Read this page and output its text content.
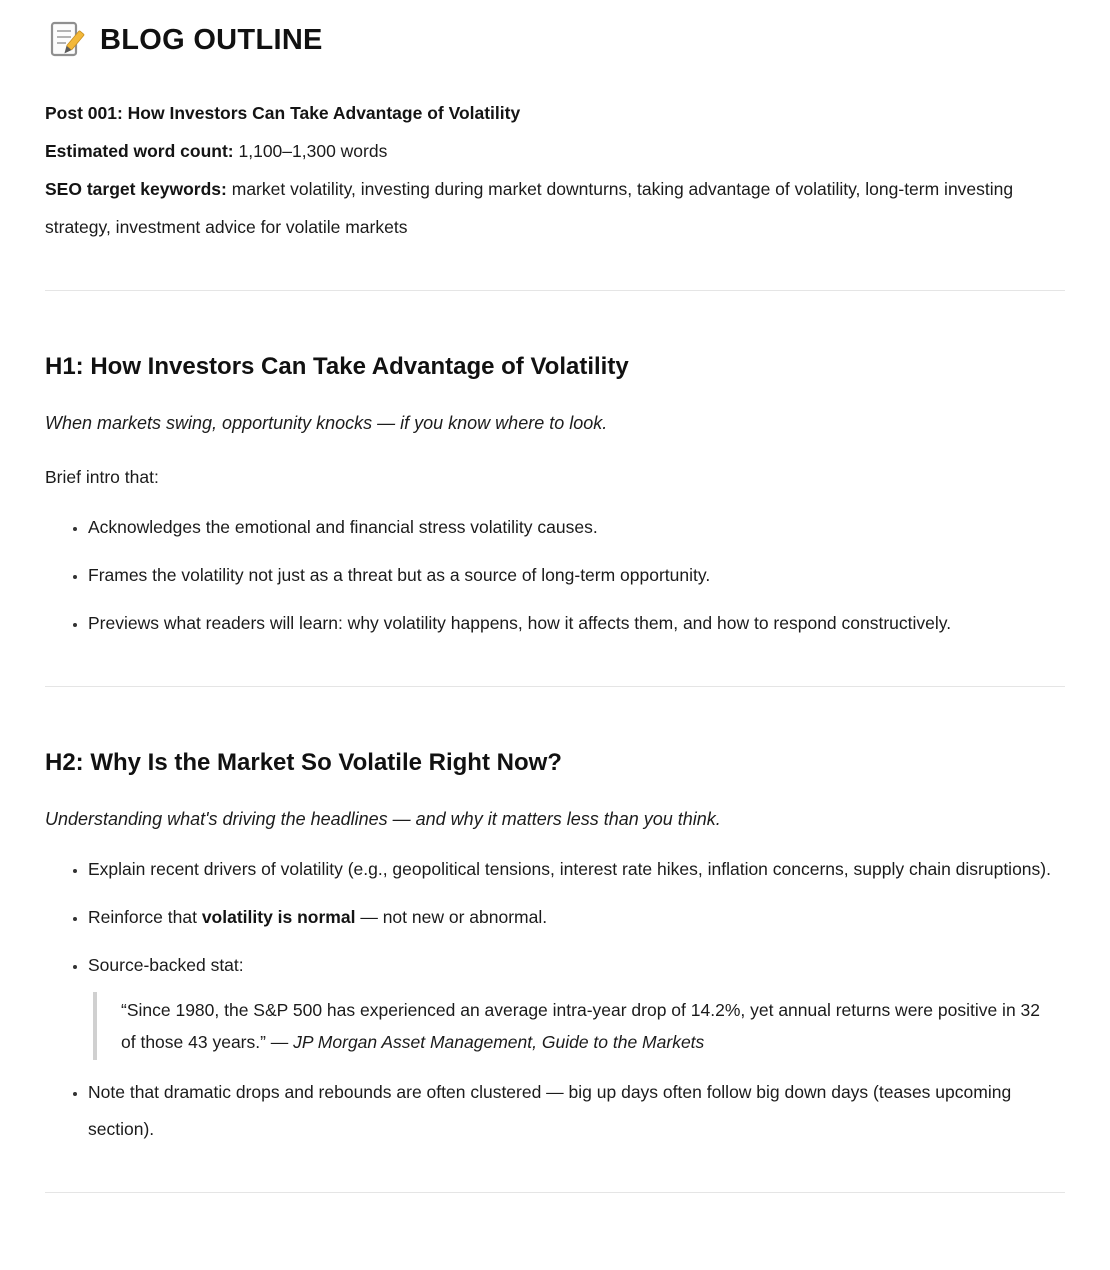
BLOG OUTLINE

Post 001: How Investors Can Take Advantage of Volatility

Estimated word count: 1,100–1,300 words

SEO target keywords: market volatility, investing during market downturns, taking advantage of volatility, long-term investing strategy, investment advice for volatile markets

H1: How Investors Can Take Advantage of Volatility

When markets swing, opportunity knocks — if you know where to look.

Brief intro that:

• Acknowledges the emotional and financial stress volatility causes.
• Frames the volatility not just as a threat but as a source of long-term opportunity.
• Previews what readers will learn: why volatility happens, how it affects them, and how to respond constructively.
H2: Why Is the Market So Volatile Right Now?

Understanding what's driving the headlines — and why it matters less than you think.

• Explain recent drivers of volatility (e.g., geopolitical tensions, interest rate hikes, inflation concerns, supply chain disruptions).
• Reinforce that volatility is normal — not new or abnormal.
• Source-backed stat:
“Since 1980, the S&P 500 has experienced an average intra-year drop of 14.2%, yet annual returns were positive in 32 of those 43 years.” — JP Morgan Asset Management, Guide to the Markets
• Note that dramatic drops and rebounds are often clustered — big up days often follow big down days (teases upcoming section).
